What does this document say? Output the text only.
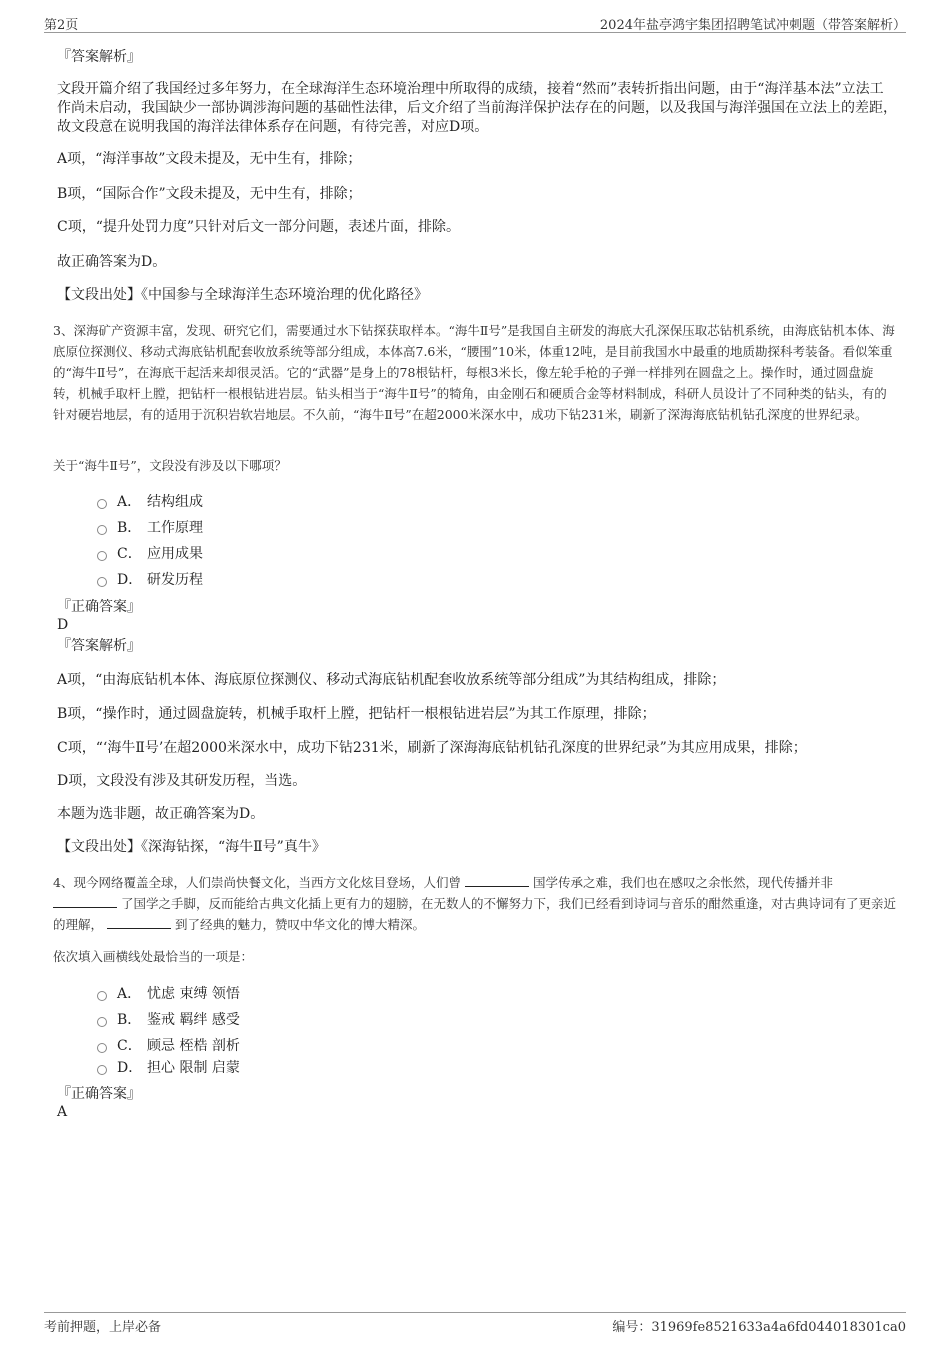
第2页	2024年盐亭鸿宇集团招聘笔试冲刺题（带答案解析）
『答案解析』
文段开篇介绍了我国经过多年努力，在全球海洋生态环境治理中所取得的成绩，接着“然而”表转折指出问题，由于“海洋基本法”立法工作尚未启动，我国缺少一部协调涉海问题的基础性法律，后文介绍了当前海洋保护法存在的问题，以及我国与海洋强国在立法上的差距，故文段意在说明我国的海洋法律体系存在问题，有待完善，对应D项。
A项，“海洋事故”文段未提及，无中生有，排除；
B项，“国际合作”文段未提及，无中生有，排除；
C项，“提升处罚力度”只针对后文一部分问题，表述片面，排除。
故正确答案为D。
【文段出处】《中国参与全球海洋生态环境治理的优化路径》
3、深海矿产资源丰富，发现、研究它们，需要通过水下钻探获取样本。“海牛Ⅱ号”是我国自主研发的海底大孔深保压取芯钻机系统，由海底钻机本体、海底原位探测仪、移动式海底钻机配套收放系统等部分组成，本体高7.6米，“腰围”10米，体重12吨，是目前我国水中最重的地质勘探科考装备。看似笨重的“海牛Ⅱ号”，在海底干起活来却很灵活。它的“武器”是身上的78根钻杆，每根3米长，像左轮手枪的子弹一样排列在圆盘之上。操作时，通过圆盘旋转，机械手取杆上膛，把钻杆一根根钻进岩层。钻头相当于“海牛Ⅱ号”的犄角，由金刚石和硬质合金等材料制成，科研人员设计了不同种类的钻头，有的针对硬岩地层，有的适用于沉积岩软岩地层。不久前，“海牛Ⅱ号”在超2000米深水中，成功下钻231米，刷新了深海海底钻机钻孔深度的世界纪录。
关于“海牛Ⅱ号”，文段没有涉及以下哪项？
A． 结构组成
B． 工作原理
C． 应用成果
D． 研发历程
『正确答案』
D
『答案解析』
A项，“由海底钻机本体、海底原位探测仪、移动式海底钻机配套收放系统等部分组成”为其结构组成，排除；
B项，“操作时，通过圆盘旋转，机械手取杆上膛，把钻杆一根根钻进岩层”为其工作原理，排除；
C项，“‘海牛Ⅱ号’在超2000米深水中，成功下钻231米，刷新了深海海底钻机钻孔深度的世界纪录”为其应用成果，排除；
D项，文段没有涉及其研发历程，当选。
本题为选非题，故正确答案为D。
【文段出处】《深海钻探，“海牛Ⅱ号”真牛》
4、现今网络覆盖全球，人们崇尚快餐文化，当西方文化炫目登场，人们曾	国学传承之难，我们也在感叹之余怅然，现代传播并非  了国学之手脚，反而能给古典文化插上更有力的翅膀，在无数人的不懈努力下，我们已经看到诗词与音乐的酣然重逢，对古典诗词有了更亲近的理解，	到了经典的魅力，赞叹中华文化的博大精深。
依次填入画横线处最恰当的一项是：
A． 忧虑 束缚 领悟
B． 鉴戒 羁绊 感受
C． 顾忌 桎梏 剖析
D． 担心 限制 启蒙
『正确答案』
A
考前押题，上岸必备	编号：31969fe8521633a4a6fd044018301ca0
